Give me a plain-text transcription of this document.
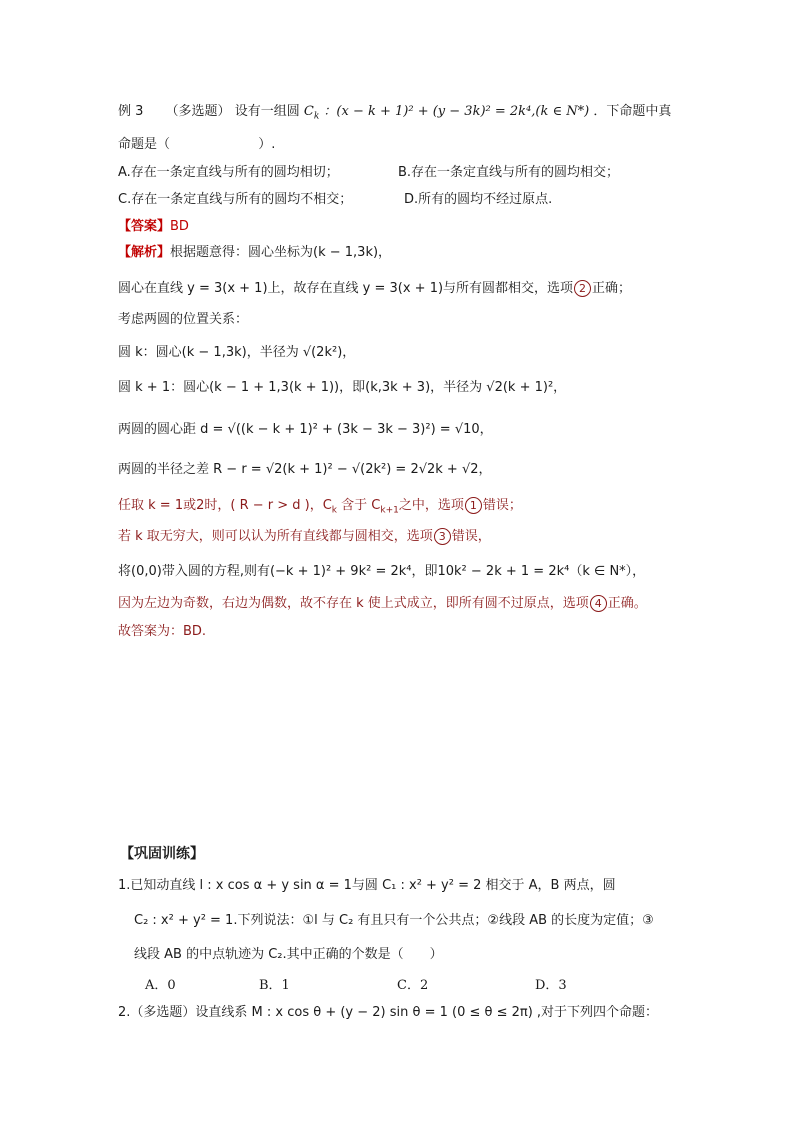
例 3 （多选题） 设有一组圆 $C_k$ ：(x − k + 1)² + (y − 3k)² = 2k⁴,(k ∈ N*) ．下命题中真
命题是（	）.
A.存在一条定直线与所有的圆均相切；	B.存在一条定直线与所有的圆均相交；
C.存在一条定直线与所有的圆均不相交；	D.所有的圆均不经过原点.
【答案】BD
【解析】根据题意得：圆心坐标为(k − 1,3k)，
圆心在直线 y = 3(x + 1)上，故存在直线 y = 3(x + 1)与所有圆都相交，选项 2 正确；
考虑两圆的位置关系：
圆 k：圆心(k − 1,3k)，半径为 √(2k²)，
圆 k + 1：圆心(k − 1 + 1,3(k + 1))，即(k,3k + 3)，半径为 √2(k + 1)²，
两圆的圆心距 d = √((k − k + 1)² + (3k − 3k − 3)²) = √10，
两圆的半径之差 R − r = √2(k + 1)² − √(2k²) = 2√2k + √2，
任取 k = 1或2时，( R − r > d )，$C_k$ 含于 $C_{k+1}$之中，选项 1 错误；
若 k 取无穷大，则可以认为所有直线都与圆相交，选项 3 错误，
将(0,0)带入圆的方程,则有(−k + 1)² + 9k² = 2k⁴，即10k² − 2k + 1 = 2k⁴（k ∈ N*），
因为左边为奇数，右边为偶数，故不存在 k 使上式成立，即所有圆不过原点，选项 4 正确。
故答案为：BD.
【巩固训练】
1.已知动直线 l : x cos α + y sin α = 1与圆 C₁ : x² + y² = 2 相交于 A，B 两点，圆
C₂ : x² + y² = 1.下列说法：①l 与 C₂ 有且只有一个公共点；②线段 AB 的长度为定值；③
线段 AB 的中点轨迹为 C₂.其中正确的个数是（　　）
A．0	B．1	C．2	D．3
2.（多选题）设直线系 M : x cos θ + (y − 2) sin θ = 1 (0 ≤ θ ≤ 2π) ,对于下列四个命题：
